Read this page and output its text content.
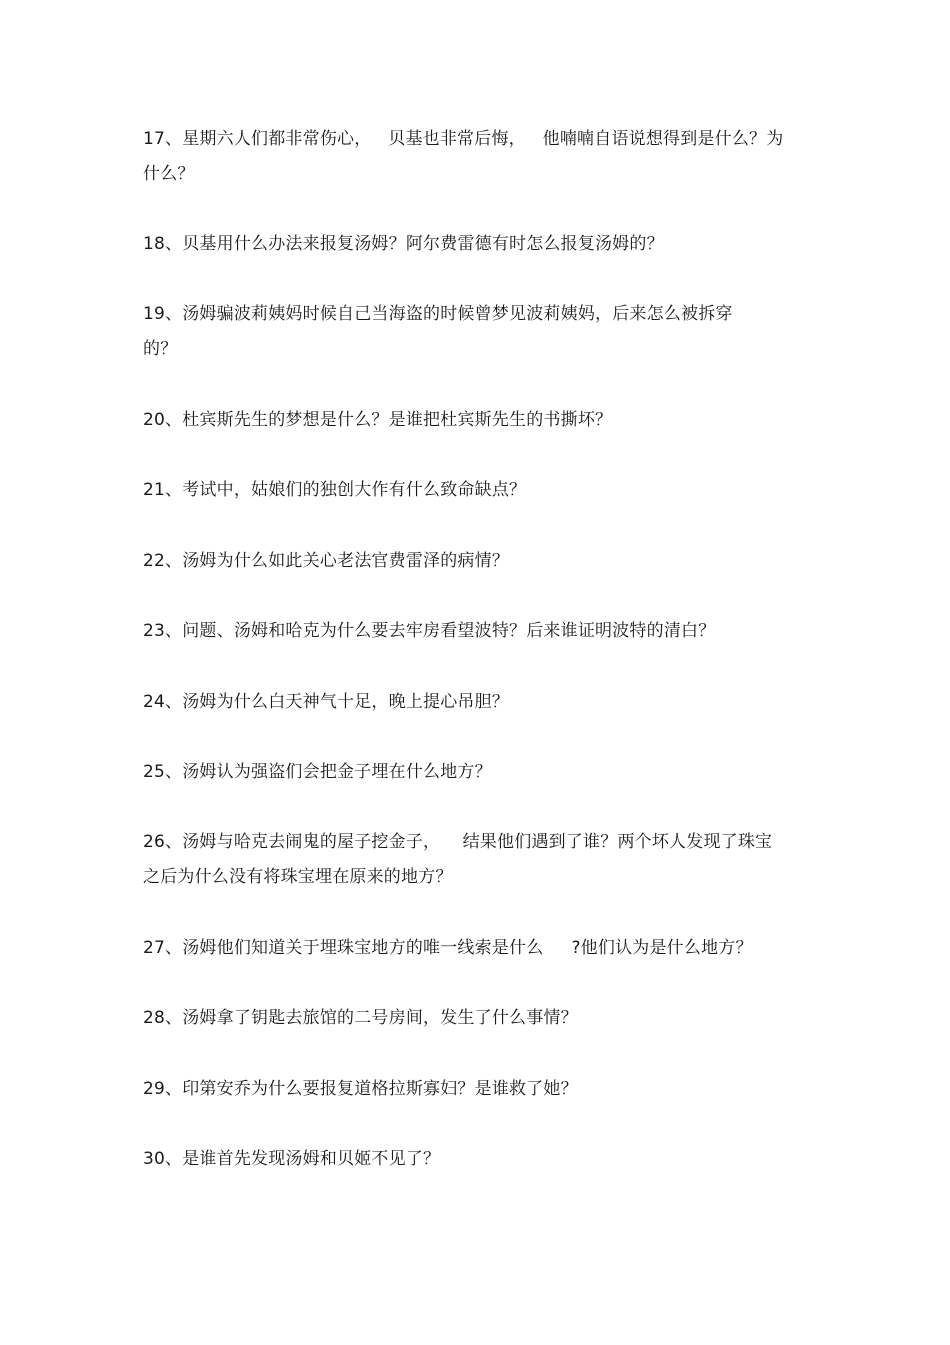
17、星期六人们都非常伤心，   贝基也非常后悔，   他喃喃自语说想得到是什么？为
什么？

18、贝基用什么办法来报复汤姆？阿尔费雷德有时怎么报复汤姆的？

19、汤姆骗波莉姨妈时候自己当海盗的时候曾梦见波莉姨妈，后来怎么被拆穿
的？

20、杜宾斯先生的梦想是什么？是谁把杜宾斯先生的书撕坏？

21、考试中，姑娘们的独创大作有什么致命缺点？

22、汤姆为什么如此关心老法官费雷泽的病情？

23、问题、汤姆和哈克为什么要去牢房看望波特？后来谁证明波特的清白？

24、汤姆为什么白天神气十足，晚上提心吊胆？

25、汤姆认为强盗们会把金子埋在什么地方？

26、汤姆与哈克去闹鬼的屋子挖金子，    结果他们遇到了谁？两个坏人发现了珠宝
之后为什么没有将珠宝埋在原来的地方？

27、汤姆他们知道关于埋珠宝地方的唯一线索是什么     ?他们认为是什么地方？

28、汤姆拿了钥匙去旅馆的二号房间，发生了什么事情？

29、印第安乔为什么要报复道格拉斯寡妇？是谁救了她？

30、是谁首先发现汤姆和贝姬不见了？
